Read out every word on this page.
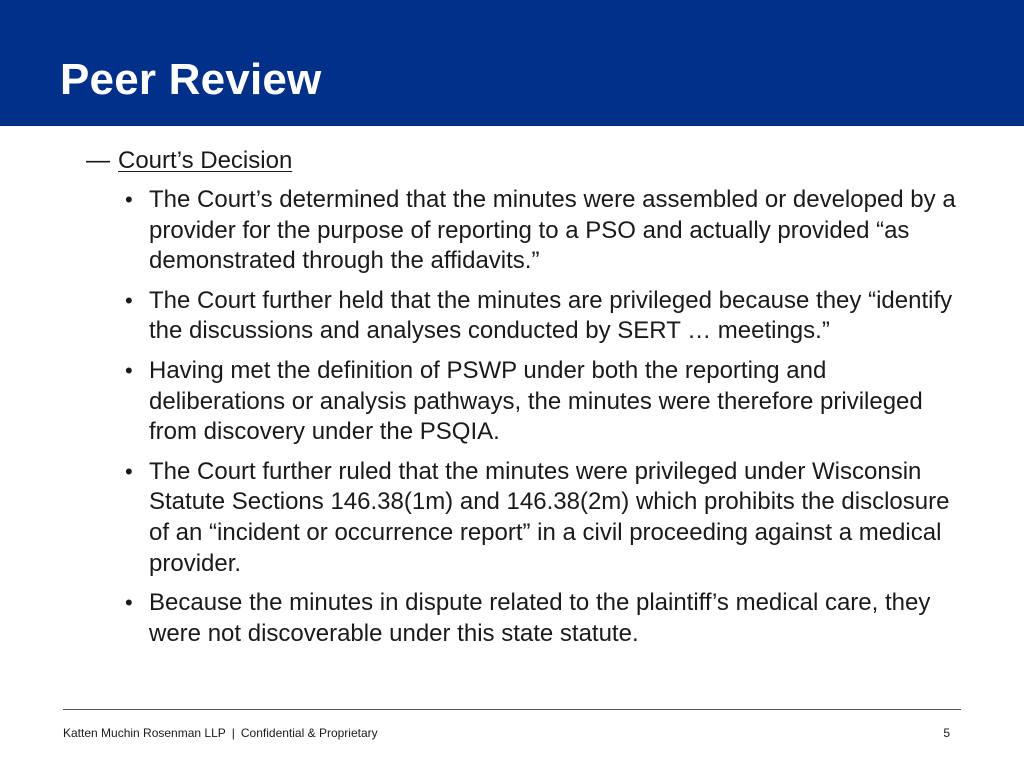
Peer Review
— Court’s Decision
• The Court’s determined that the minutes were assembled or developed by a provider for the purpose of reporting to a PSO and actually provided “as demonstrated through the affidavits.”
• The Court further held that the minutes are privileged because they “identify the discussions and analyses conducted by SERT … meetings.”
• Having met the definition of PSWP under both the reporting and deliberations or analysis pathways, the minutes were therefore privileged from discovery under the PSQIA.
• The Court further ruled that the minutes were privileged under Wisconsin Statute Sections 146.38(1m) and 146.38(2m) which prohibits the disclosure of an “incident or occurrence report” in a civil proceeding against a medical provider.
• Because the minutes in dispute related to the plaintiff’s medical care, they were not discoverable under this state statute.
Katten Muchin Rosenman LLP | Confidential & Proprietary	5
